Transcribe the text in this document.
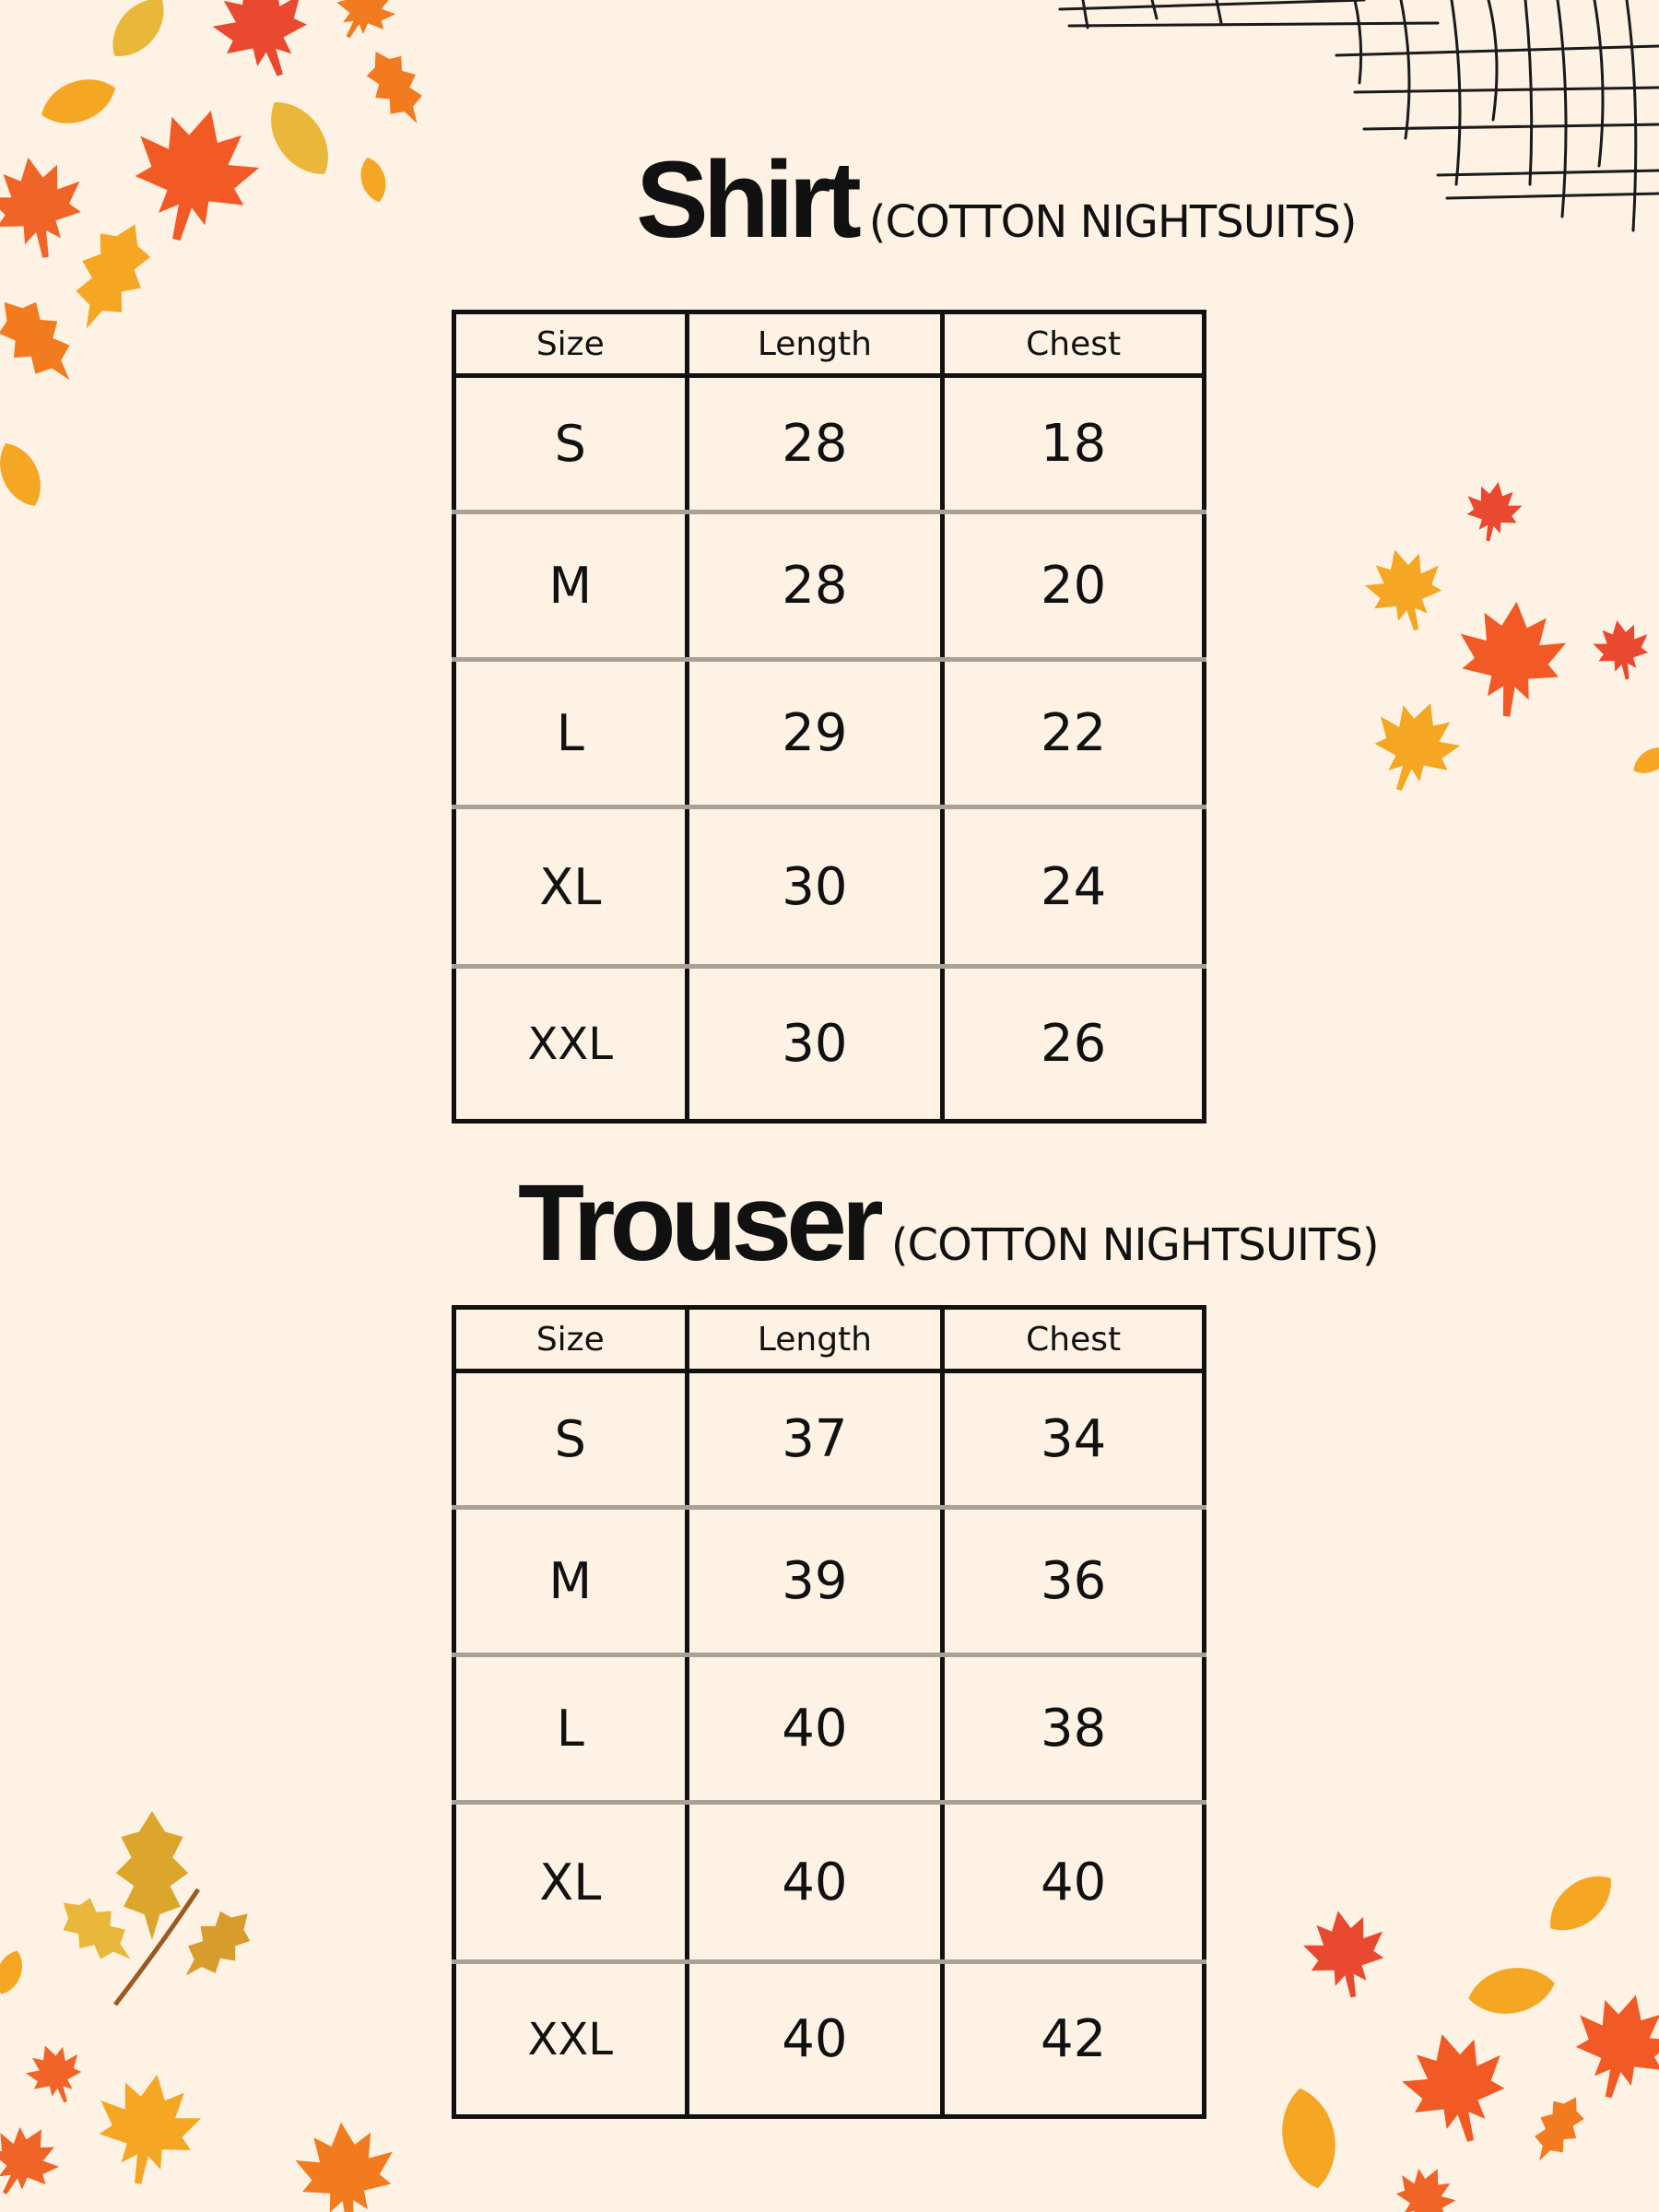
Shirt (COTTON NIGHTSUITS)
Size	Length	Chest
S	28	18
M	28	20
L	29	22
XL	30	24
XXL	30	26
Trouser (COTTON NIGHTSUITS)
Size	Length	Chest
S	37	34
M	39	36
L	40	38
XL	40	40
XXL	40	42
